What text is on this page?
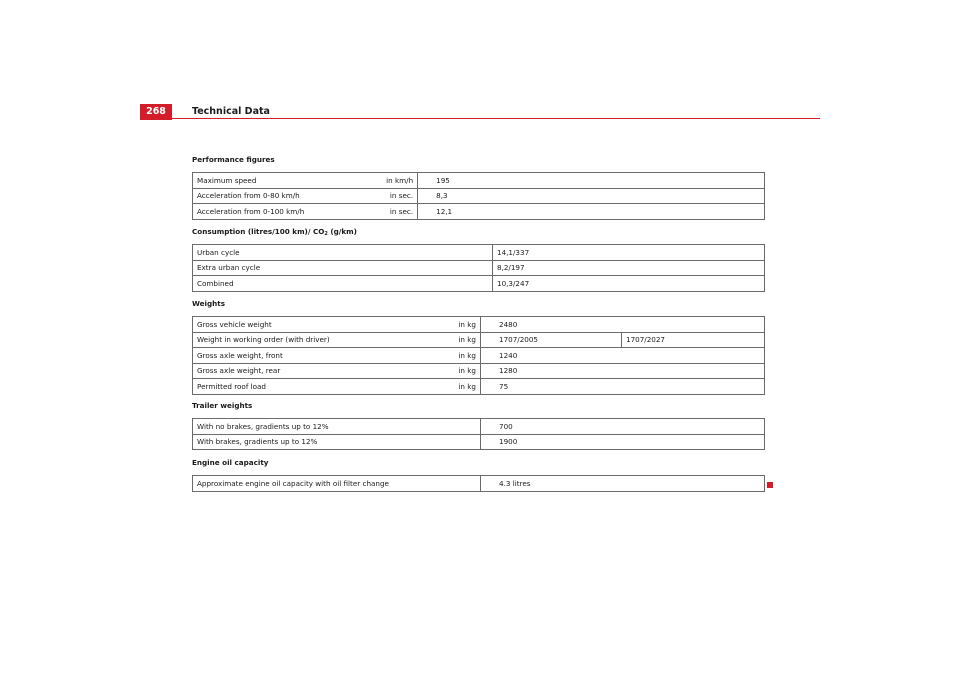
268	Technical Data
Performance figures
Maximum speed in km/h	195

Acceleration from 0-80 km/h in sec.	8,3

Acceleration from 0-100 km/h in sec.	12,1
Consumption (litres/100 km)/ $CO_2$ (g/km)
Urban cycle	14,1/337
Extra urban cycle	8,2/197
Combined	10,3/247
Weights
Gross vehicle weight in kg	2480	

Weight in working order (with driver) in kg	1707/2005	1707/2027

Gross axle weight, front in kg	1240	

Gross axle weight, rear in kg	1280	

Permitted roof load in kg	75	
Trailer weights
With no brakes, gradients up to 12%	700
With brakes, gradients up to 12%	1900
Engine oil capacity
Approximate engine oil capacity with oil filter change	4.3 litres
